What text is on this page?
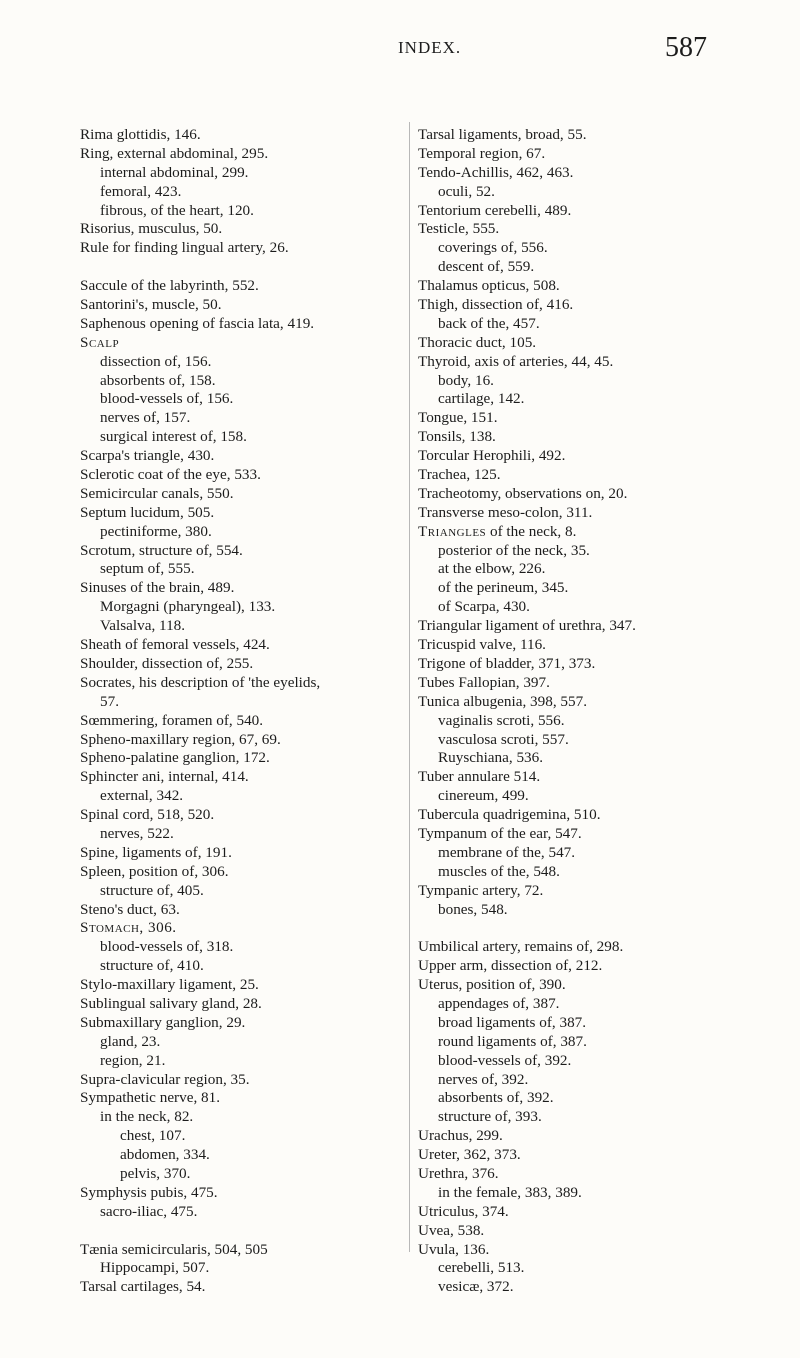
INDEX.	587
Rima glottidis, 146.
Ring, external abdominal, 295.
internal abdominal, 299.
femoral, 423.
fibrous, of the heart, 120.
Risorius, musculus, 50.
Rule for finding lingual artery, 26.
Saccule of the labyrinth, 552.
Santorini's, muscle, 50.
Saphenous opening of fascia lata, 419.
Scalp
dissection of, 156.
absorbents of, 158.
blood-vessels of, 156.
nerves of, 157.
surgical interest of, 158.
Scarpa's triangle, 430.
Sclerotic coat of the eye, 533.
Semicircular canals, 550.
Septum lucidum, 505.
pectiniforme, 380.
Scrotum, structure of, 554.
septum of, 555.
Sinuses of the brain, 489.
Morgagni (pharyngeal), 133.
Valsalva, 118.
Sheath of femoral vessels, 424.
Shoulder, dissection of, 255.
Socrates, his description of 'the eyelids,
57.
Sœmmering, foramen of, 540.
Spheno-maxillary region, 67, 69.
Spheno-palatine ganglion, 172.
Sphincter ani, internal, 414.
external, 342.
Spinal cord, 518, 520.
nerves, 522.
Spine, ligaments of, 191.
Spleen, position of, 306.
structure of, 405.
Steno's duct, 63.
Stomach, 306.
blood-vessels of, 318.
structure of, 410.
Stylo-maxillary ligament, 25.
Sublingual salivary gland, 28.
Submaxillary ganglion, 29.
gland, 23.
region, 21.
Supra-clavicular region, 35.
Sympathetic nerve, 81.
in the neck, 82.
chest, 107.
abdomen, 334.
pelvis, 370.
Symphysis pubis, 475.
sacro-iliac, 475.
Tænia semicircularis, 504, 505
Hippocampi, 507.
Tarsal cartilages, 54.
Tarsal ligaments, broad, 55.
Temporal region, 67.
Tendo-Achillis, 462, 463.
oculi, 52.
Tentorium cerebelli, 489.
Testicle, 555.
coverings of, 556.
descent of, 559.
Thalamus opticus, 508.
Thigh, dissection of, 416.
back of the, 457.
Thoracic duct, 105.
Thyroid, axis of arteries, 44, 45.
body, 16.
cartilage, 142.
Tongue, 151.
Tonsils, 138.
Torcular Herophili, 492.
Trachea, 125.
Tracheotomy, observations on, 20.
Transverse meso-colon, 311.
Triangles of the neck, 8.
posterior of the neck, 35.
at the elbow, 226.
of the perineum, 345.
of Scarpa, 430.
Triangular ligament of urethra, 347.
Tricuspid valve, 116.
Trigone of bladder, 371, 373.
Tubes Fallopian, 397.
Tunica albugenia, 398, 557.
vaginalis scroti, 556.
vasculosa scroti, 557.
Ruyschiana, 536.
Tuber annulare 514.
cinereum, 499.
Tubercula quadrigemina, 510.
Tympanum of the ear, 547.
membrane of the, 547.
muscles of the, 548.
Tympanic artery, 72.
bones, 548.
Umbilical artery, remains of, 298.
Upper arm, dissection of, 212.
Uterus, position of, 390.
appendages of, 387.
broad ligaments of, 387.
round ligaments of, 387.
blood-vessels of, 392.
nerves of, 392.
absorbents of, 392.
structure of, 393.
Urachus, 299.
Ureter, 362, 373.
Urethra, 376.
in the female, 383, 389.
Utriculus, 374.
Uvea, 538.
Uvula, 136.
cerebelli, 513.
vesicæ, 372.
